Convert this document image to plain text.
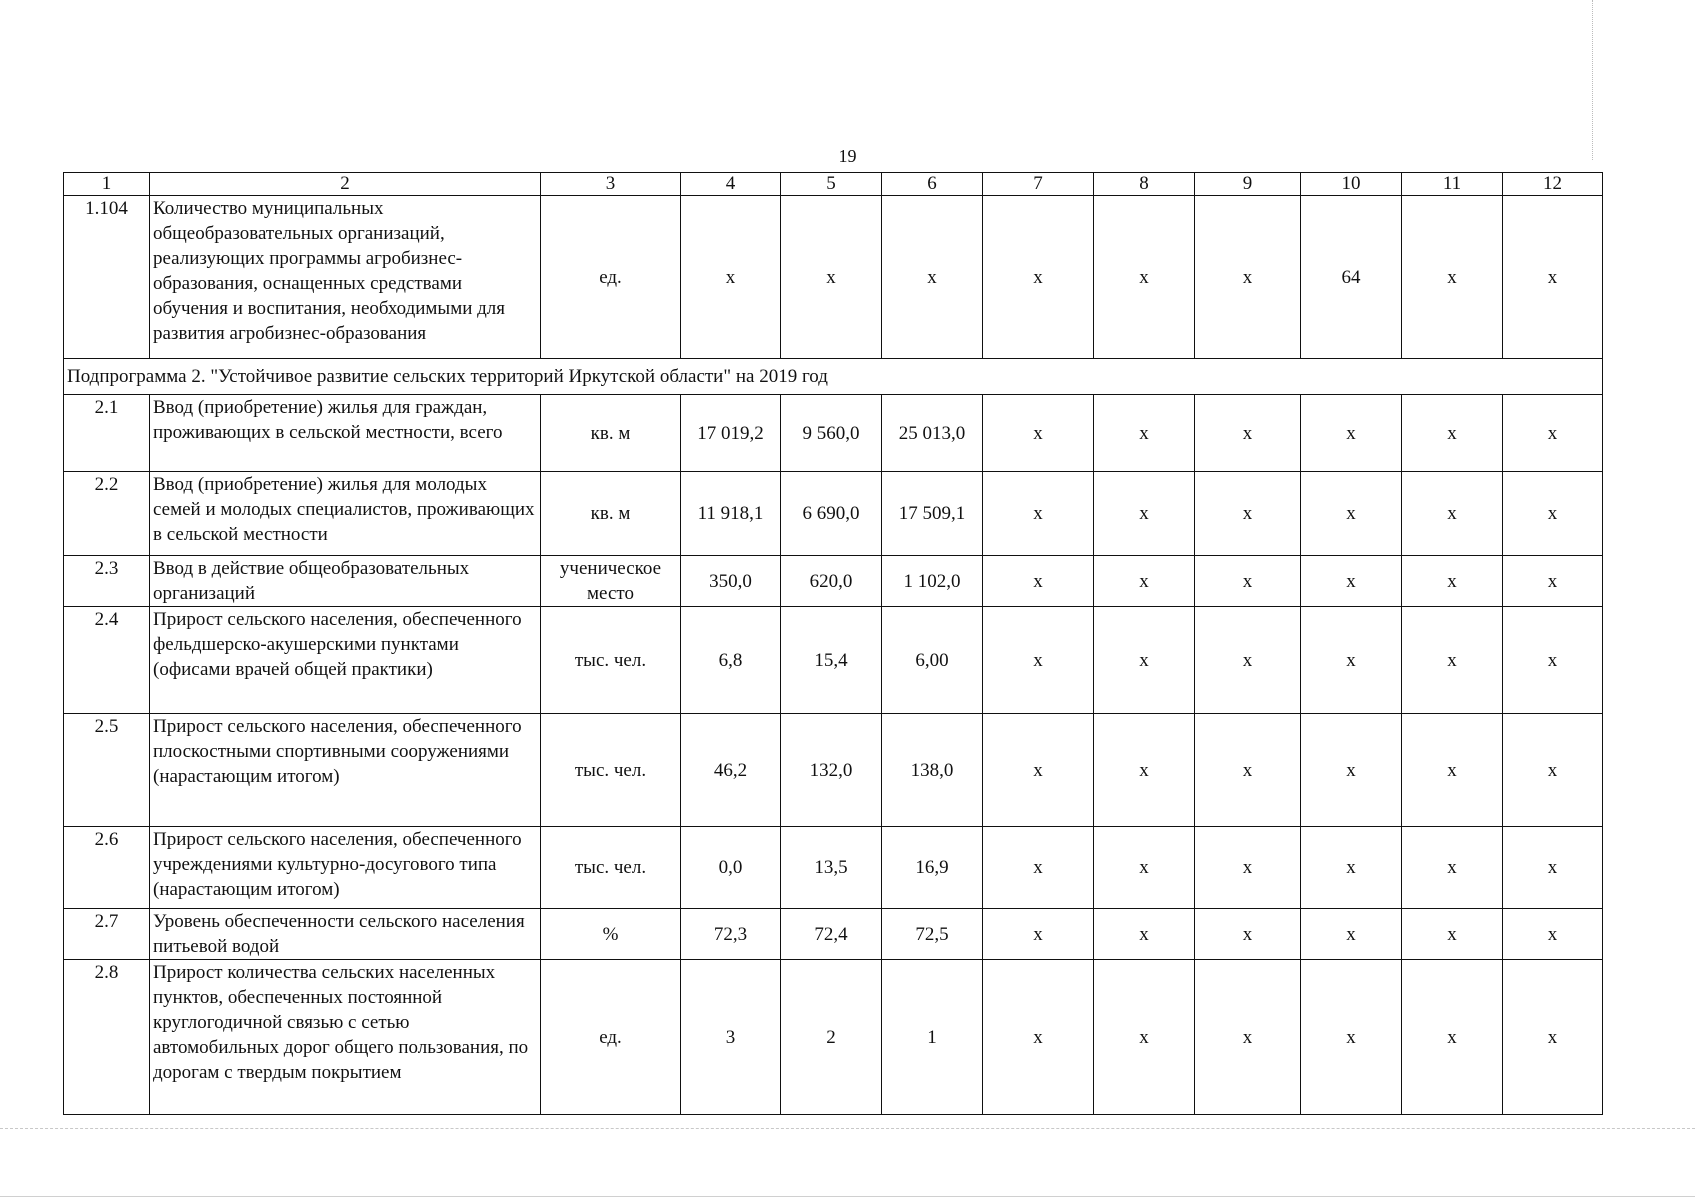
19
1	2	3	4	5	6	7	8	9	10	11	12
1.104	Количество муниципальных общеобразовательных организаций, реализующих программы агробизнес-образования, оснащенных средствами обучения и воспитания, необходимыми для развития агробизнес-образования	ед.	x	x	x	x	x	x	64	x	x
Подпрограмма 2. "Устойчивое развитие сельских территорий Иркутской области" на 2019 год											
2.1	Ввод (приобретение) жилья для граждан, проживающих в сельской местности, всего	кв. м	17 019,2	9 560,0	25 013,0	x	x	x	x	x	x
2.2	Ввод (приобретение) жилья для молодых семей и молодых специалистов, проживающих в сельской местности	кв. м	11 918,1	6 690,0	17 509,1	x	x	x	x	x	x
2.3	Ввод в действие общеобразовательных организаций	ученическое место	350,0	620,0	1 102,0	x	x	x	x	x	x
2.4	Прирост сельского населения, обеспеченного фельдшерско-акушерскими пунктами (офисами врачей общей практики)	тыс. чел.	6,8	15,4	6,00	x	x	x	x	x	x
2.5	Прирост сельского населения, обеспеченного плоскостными спортивными сооружениями (нарастающим итогом)	тыс. чел.	46,2	132,0	138,0	x	x	x	x	x	x
2.6	Прирост сельского населения, обеспеченного учреждениями культурно-досугового типа (нарастающим итогом)	тыс. чел.	0,0	13,5	16,9	x	x	x	x	x	x
2.7	Уровень обеспеченности сельского населения питьевой водой	%	72,3	72,4	72,5	x	x	x	x	x	x
2.8	Прирост количества сельских населенных пунктов, обеспеченных постоянной круглогодичной связью с сетью автомобильных дорог общего пользования, по дорогам с твердым покрытием	ед.	3	2	1	x	x	x	x	x	x
